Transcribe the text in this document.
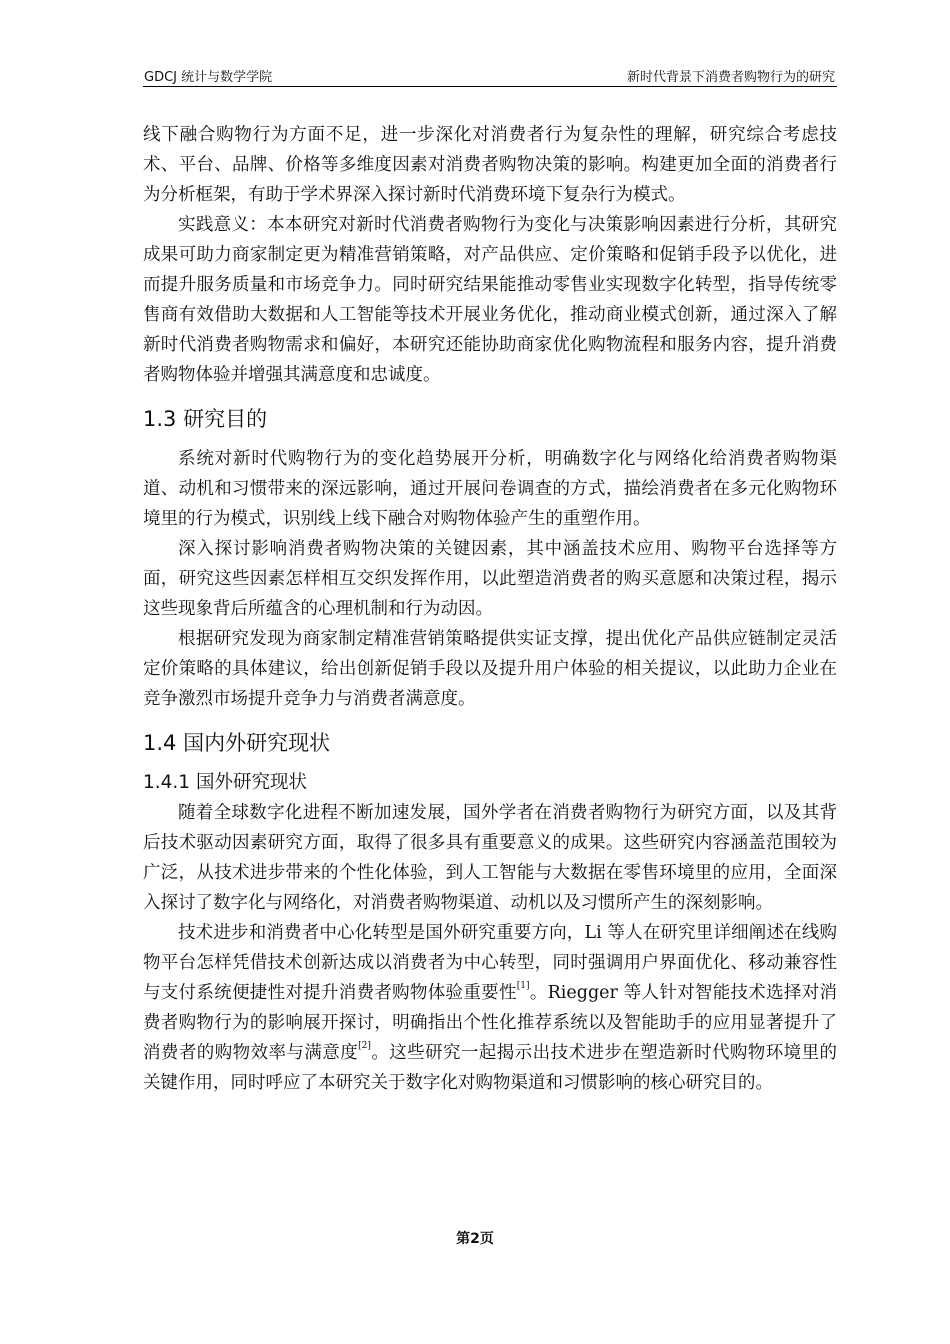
GDCJ 统计与数学学院	新时代背景下消费者购物行为的研究

线下融合购物行为方面不足，进一步深化对消费者行为复杂性的理解，研究综合考虑技术、平台、品牌、价格等多维度因素对消费者购物决策的影响。构建更加全面的消费者行为分析框架，有助于学术界深入探讨新时代消费环境下复杂行为模式。

实践意义：本本研究对新时代消费者购物行为变化与决策影响因素进行分析，其研究成果可助力商家制定更为精准营销策略，对产品供应、定价策略和促销手段予以优化，进而提升服务质量和市场竞争力。同时研究结果能推动零售业实现数字化转型，指导传统零售商有效借助大数据和人工智能等技术开展业务优化，推动商业模式创新，通过深入了解新时代消费者购物需求和偏好，本研究还能协助商家优化购物流程和服务内容，提升消费者购物体验并增强其满意度和忠诚度。

1.3 研究目的

系统对新时代购物行为的变化趋势展开分析，明确数字化与网络化给消费者购物渠道、动机和习惯带来的深远影响，通过开展问卷调查的方式，描绘消费者在多元化购物环境里的行为模式，识别线上线下融合对购物体验产生的重塑作用。

深入探讨影响消费者购物决策的关键因素，其中涵盖技术应用、购物平台选择等方面，研究这些因素怎样相互交织发挥作用，以此塑造消费者的购买意愿和决策过程，揭示这些现象背后所蕴含的心理机制和行为动因。

根据研究发现为商家制定精准营销策略提供实证支撑，提出优化产品供应链制定灵活定价策略的具体建议，给出创新促销手段以及提升用户体验的相关提议，以此助力企业在竞争激烈市场提升竞争力与消费者满意度。

1.4 国内外研究现状
1.4.1 国外研究现状

随着全球数字化进程不断加速发展，国外学者在消费者购物行为研究方面，以及其背后技术驱动因素研究方面，取得了很多具有重要意义的成果。这些研究内容涵盖范围较为广泛，从技术进步带来的个性化体验，到人工智能与大数据在零售环境里的应用，全面深入探讨了数字化与网络化，对消费者购物渠道、动机以及习惯所产生的深刻影响。

技术进步和消费者中心化转型是国外研究重要方向，Li 等人在研究里详细阐述在线购物平台怎样凭借技术创新达成以消费者为中心转型，同时强调用户界面优化、移动兼容性与支付系统便捷性对提升消费者购物体验重要性[1]。Riegger 等人针对智能技术选择对消费者购物行为的影响展开探讨，明确指出个性化推荐系统以及智能助手的应用显著提升了消费者的购物效率与满意度[2]。这些研究一起揭示出技术进步在塑造新时代购物环境里的关键作用，同时呼应了本研究关于数字化对购物渠道和习惯影响的核心研究目的。

第2页
